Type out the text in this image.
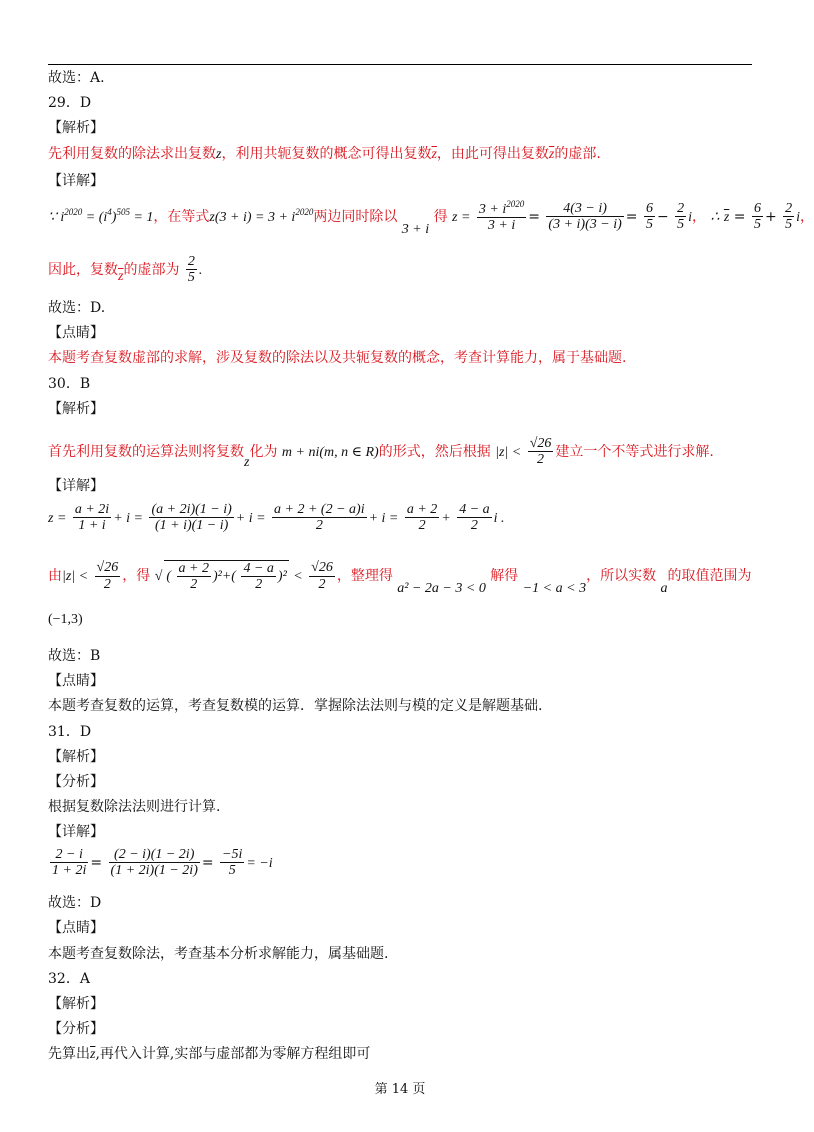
故选：A.
29．D
【解析】
先利用复数的除法求出复数z，利用共轭复数的概念可得出复数$\overline{z}$，由此可得出复数$\overline{z}$的虚部.
【详解】
∵ $i^{2020} = (i^4)^{505} = 1$，在等式$z(3 + i) = 3 + i^{2020}$两边同时除以 3 + i 得 $z = \frac{3 + i^{2020}}{3 + i} = \frac{4(3 - i)}{(3 + i)(3 - i)} = \frac{6}{5} - \frac{2}{5}$ i， ∴ $\overline{z} = \frac{6}{5} + \frac{2}{5}$ i，
因此，复数$\overline{z}$的虚部为 $\frac{2}{5}$ .
故选：D.
【点睛】
本题考查复数虚部的求解，涉及复数的除法以及共轭复数的概念，考查计算能力，属于基础题.
30．B
【解析】
首先利用复数的运算法则将复数z化为 m + ni(m, n ∈ R)的形式，然后根据 $|z| < \frac{√26}{2}$ 建立一个不等式进行求解.
【详解】
$z = \frac{a + 2i}{1 + i} + i = \frac{(a + 2i)(1 - i)}{(1 + i)(1 - i)} + i = \frac{a + 2 + (2 - a)i}{2} + i = \frac{a + 2}{2} + \frac{4 - a}{2}$ i .
由$|z| < \frac{√26}{2}$ ，得 √ ( $\frac{a + 2}{2} )^2+( \frac{4 - a}{2} )^2 < \frac{√26}{2}$ ，整理得 a² − 2a − 3 < 0 解得 −1 < a < 3，所以实数 a的取值范围为
(−1,3)
故选：B
【点睛】
本题考查复数的运算，考查复数模的运算．掌握除法法则与模的定义是解题基础.
31．D
【解析】
【分析】
根据复数除法法则进行计算.
【详解】
$\frac{2 - i}{1 + 2i} = \frac{(2 - i)(1 - 2i)}{(1 + 2i)(1 - 2i)} = \frac{-5i}{5} = -i$
故选：D
【点睛】
本题考查复数除法，考查基本分析求解能力，属基础题.
32．A
【解析】
【分析】
先算出$\overline{z}$,再代入计算,实部与虚部都为零解方程组即可
第 14 页
